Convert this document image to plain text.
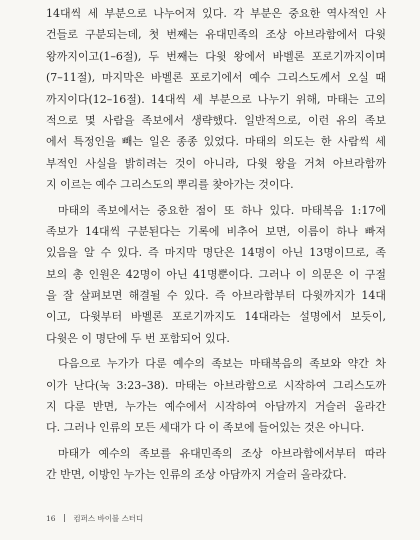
14대씩 세 부분으로 나누어져 있다. 각 부분은 중요한 역사적인 사
건들로 구분되는데, 첫 번째는 유대민족의 조상 아브라함에서 다윗
왕까지이고(1–6절), 두 번째는 다윗 왕에서 바벨론 포로기까지이며
(7–11절), 마지막은 바벨론 포로기에서 예수 그리스도께서 오실 때
까지이다(12–16절). 14대씩 세 부분으로 나누기 위해, 마태는 고의
적으로 몇 사람을 족보에서 생략했다. 일반적으로, 이런 유의 족보
에서 특정인을 빼는 일은 종종 있었다. 마태의 의도는 한 사람씩 세
부적인 사실을 밝히려는 것이 아니라, 다윗 왕을 거쳐 아브라함까
지 이르는 예수 그리스도의 뿌리를 찾아가는 것이다.
마태의 족보에서는 중요한 점이 또 하나 있다. 마태복음 1:17에
족보가 14대씩 구분된다는 기록에 비추어 보면, 이름이 하나 빠져
있음을 알 수 있다. 즉 마지막 명단은 14명이 아닌 13명이므로, 족
보의 총 인원은 42명이 아닌 41명뿐이다. 그러나 이 의문은 이 구절
을 잘 살펴보면 해결될 수 있다. 즉 아브라함부터 다윗까지가 14대
이고, 다윗부터 바벨론 포로기까지도 14대라는 설명에서 보듯이,
다윗은 이 명단에 두 번 포함되어 있다.
다음으로 누가가 다룬 예수의 족보는 마태복음의 족보와 약간 차
이가 난다(눅 3:23–38). 마태는 아브라함으로 시작하여 그리스도까
지 다룬 반면, 누가는 예수에서 시작하여 아담까지 거슬러 올라간
다. 그러나 인류의 모든 세대가 다 이 족보에 들어있는 것은 아니다.
마태가 예수의 족보를 유대민족의 조상 아브라함에서부터 따라
간 반면, 이방인 누가는 인류의 조상 아담까지 거슬러 올라갔다.
16 컴퍼스 바이블 스터디
